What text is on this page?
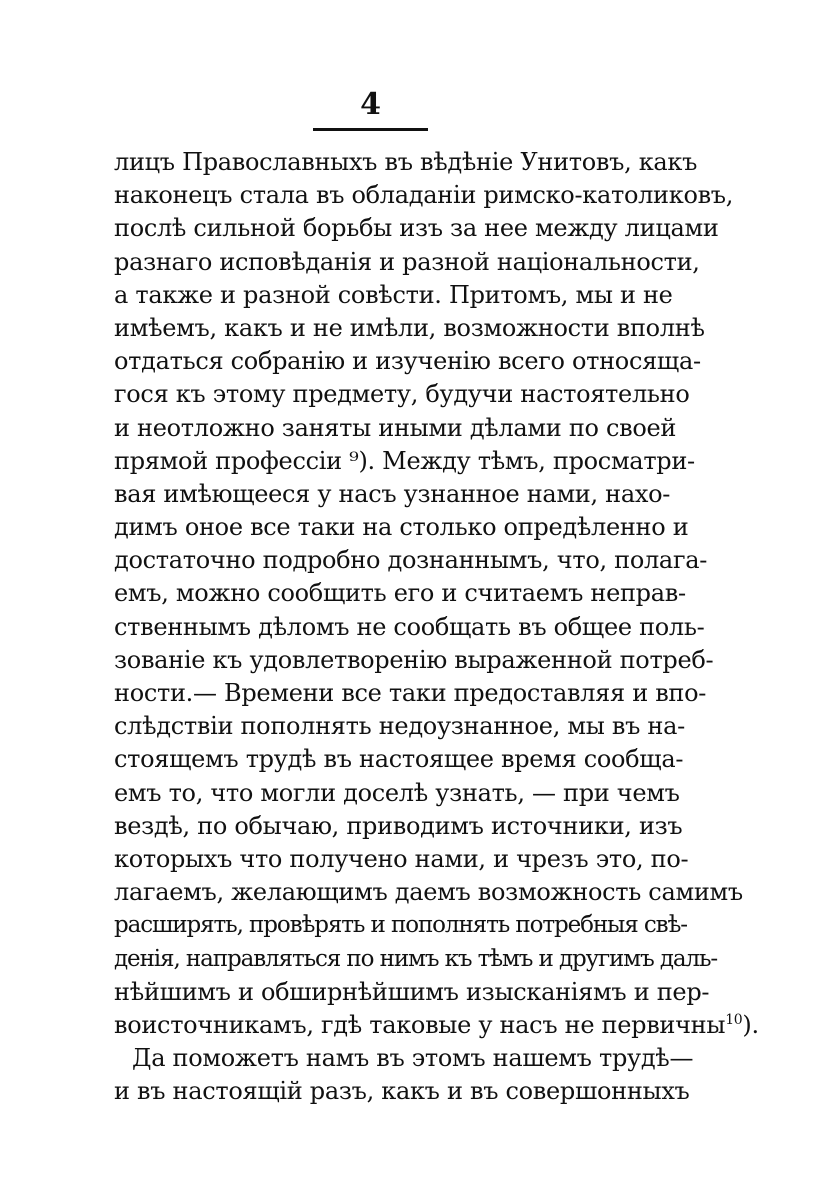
4
лицъ Православныхъ въ вѣдѣніе Унитовъ, какъ
наконецъ стала въ обладаніи римско-католиковъ,
послѣ сильной борьбы изъ за нее между лицами
разнаго исповѣданія и разной національности,
а также и разной совѣсти. Притомъ, мы и не
имѣемъ, какъ и не имѣли, возможности вполнѣ
отдаться собранію и изученію всего относяща-
гося къ этому предмету, будучи настоятельно
и неотложно заняты иными дѣлами по своей
прямой профессіи ⁹). Между тѣмъ, просматри-
вая имѣющееся у насъ узнанное нами, нахо-
димъ оное все таки на столько опредѣленно и
достаточно подробно дознаннымъ, что, полага-
емъ, можно сообщить его и считаемъ неправ-
ственнымъ дѣломъ не сообщать въ общее поль-
зованіе къ удовлетворенію выраженной потреб-
ности.— Времени все таки предоставляя и впо-
слѣдствіи пополнять недоузнанное, мы въ на-
стоящемъ трудѣ въ настоящее время сообща-
емъ то, что могли доселѣ узнать, — при чемъ
вездѣ, по обычаю, приводимъ источники, изъ
которыхъ что получено нами, и чрезъ это, по-
лагаемъ, желающимъ даемъ возможность самимъ
расширять, провѣрять и пополнять потребныя свѣ-
денія, направляться по нимъ къ тѣмъ и другимъ даль-
нѣйшимъ и обширнѣйшимъ изысканіямъ и пер-
воисточникамъ, гдѣ таковые у насъ не первичны$^{10}$).
Да поможетъ намъ въ этомъ нашемъ трудѣ—
и въ настоящій разъ, какъ и въ совершонныхъ
